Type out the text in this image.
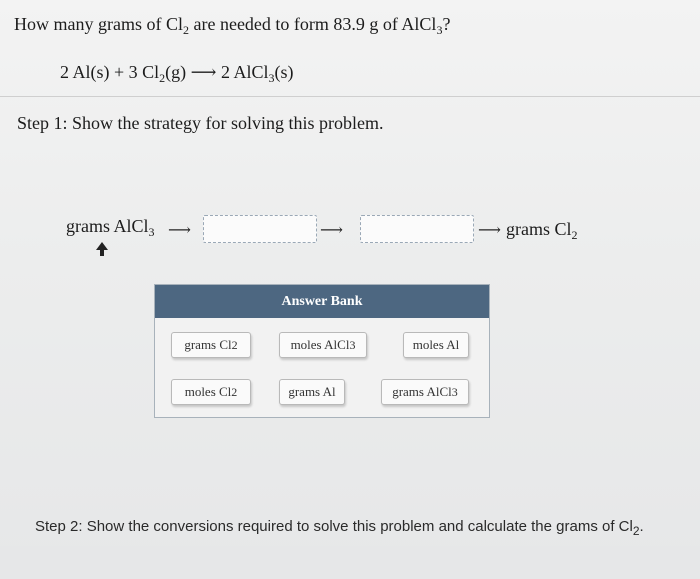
How many grams of $Cl_2$ are needed to form 83.9 g of AlCl$_3$?
2 Al(s) + 3 $Cl_2(g)$ ⟶ 2 AlCl$_3$(s)
Step 1: Show the strategy for solving this problem.
grams AlCl$_3$ ⟶	⟶	⟶ grams $Cl_2$
Answer Bank
grams Cl 2	moles AlCl 3	moles Al
moles Cl 2	grams Al	grams AlCl 3
Step 2: Show the conversions required to solve this problem and calculate the grams of $Cl_2$.
